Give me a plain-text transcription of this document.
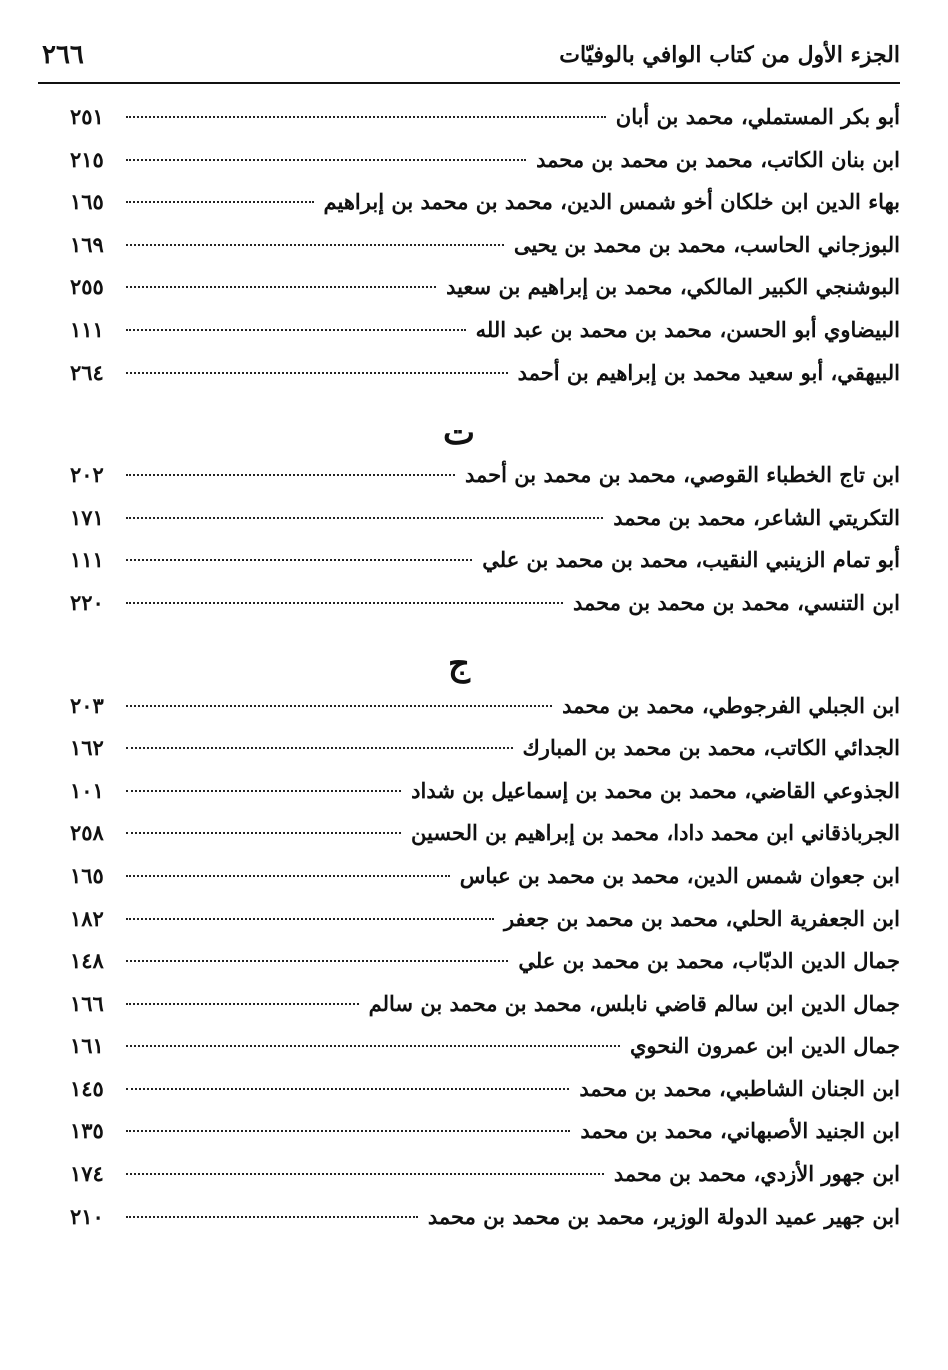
٢٦٦	الجزء الأول من كتاب الوافي بالوفيّات
أبو بكر المستملي، محمد بن أبان
٢٥١
ابن بنان الكاتب، محمد بن محمد بن محمد
٢١٥
بهاء الدين ابن خلكان أخو شمس الدين، محمد بن محمد بن إبراهيم
١٦٥
البوزجاني الحاسب، محمد بن محمد بن يحيى
١٦٩
البوشنجي الكبير المالكي، محمد بن إبراهيم بن سعيد
٢٥٥
البيضاوي أبو الحسن، محمد بن محمد بن عبد الله
١١١
البيهقي، أبو سعيد محمد بن إبراهيم بن أحمد
٢٦٤
ت
ابن تاج الخطباء القوصي، محمد بن محمد بن أحمد
٢٠٢
التكريتي الشاعر، محمد بن محمد
١٧١
أبو تمام الزينبي النقيب، محمد بن محمد بن علي
١١١
ابن التنسي، محمد بن محمد بن محمد
٢٢٠
ج
ابن الجبلي الفرجوطي، محمد بن محمد
٢٠٣
الجدائي الكاتب، محمد بن محمد بن المبارك
١٦٢
الجذوعي القاضي، محمد بن محمد بن إسماعيل بن شداد
١٠١
الجرباذقاني ابن محمد دادا، محمد بن إبراهيم بن الحسين
٢٥٨
ابن جعوان شمس الدين، محمد بن محمد بن عباس
١٦٥
ابن الجعفرية الحلي، محمد بن محمد بن جعفر
١٨٢
جمال الدين الدبّاب، محمد بن محمد بن علي
١٤٨
جمال الدين ابن سالم قاضي نابلس، محمد بن محمد بن سالم
١٦٦
جمال الدين ابن عمرون النحوي
١٦١
ابن الجنان الشاطبي، محمد بن محمد
١٤٥
ابن الجنيد الأصبهاني، محمد بن محمد
١٣٥
ابن جهور الأزدي، محمد بن محمد
١٧٤
ابن جهير عميد الدولة الوزير، محمد بن محمد بن محمد
٢١٠
